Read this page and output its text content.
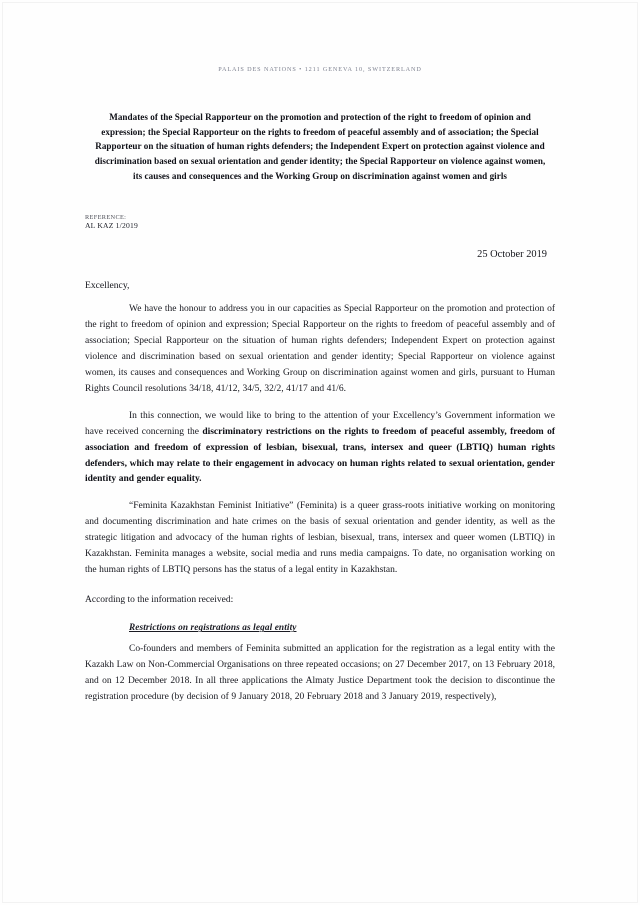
PALAIS DES NATIONS • 1211 GENEVA 10, SWITZERLAND
Mandates of the Special Rapporteur on the promotion and protection of the right to freedom of opinion and expression; the Special Rapporteur on the rights to freedom of peaceful assembly and of association; the Special Rapporteur on the situation of human rights defenders; the Independent Expert on protection against violence and discrimination based on sexual orientation and gender identity; the Special Rapporteur on violence against women, its causes and consequences and the Working Group on discrimination against women and girls
REFERENCE:
AL KAZ 1/2019
25 October 2019
Excellency,

We have the honour to address you in our capacities as Special Rapporteur on the promotion and protection of the right to freedom of opinion and expression; Special Rapporteur on the rights to freedom of peaceful assembly and of association; Special Rapporteur on the situation of human rights defenders; Independent Expert on protection against violence and discrimination based on sexual orientation and gender identity; Special Rapporteur on violence against women, its causes and consequences and Working Group on discrimination against women and girls, pursuant to Human Rights Council resolutions 34/18, 41/12, 34/5, 32/2, 41/17 and 41/6.

In this connection, we would like to bring to the attention of your Excellency’s Government information we have received concerning the discriminatory restrictions on the rights to freedom of peaceful assembly, freedom of association and freedom of expression of lesbian, bisexual, trans, intersex and queer (LBTIQ) human rights defenders, which may relate to their engagement in advocacy on human rights related to sexual orientation, gender identity and gender equality.

“Feminita Kazakhstan Feminist Initiative” (Feminita) is a queer grass-roots initiative working on monitoring and documenting discrimination and hate crimes on the basis of sexual orientation and gender identity, as well as the strategic litigation and advocacy of the human rights of lesbian, bisexual, trans, intersex and queer women (LBTIQ) in Kazakhstan. Feminita manages a website, social media and runs media campaigns. To date, no organisation working on the human rights of LBTIQ persons has the status of a legal entity in Kazakhstan.

According to the information received:
Restrictions on registrations as legal entity

Co-founders and members of Feminita submitted an application for the registration as a legal entity with the Kazakh Law on Non-Commercial Organisations on three repeated occasions; on 27 December 2017, on 13 February 2018, and on 12 December 2018. In all three applications the Almaty Justice Department took the decision to discontinue the registration procedure (by decision of 9 January 2018, 20 February 2018 and 3 January 2019, respectively),
